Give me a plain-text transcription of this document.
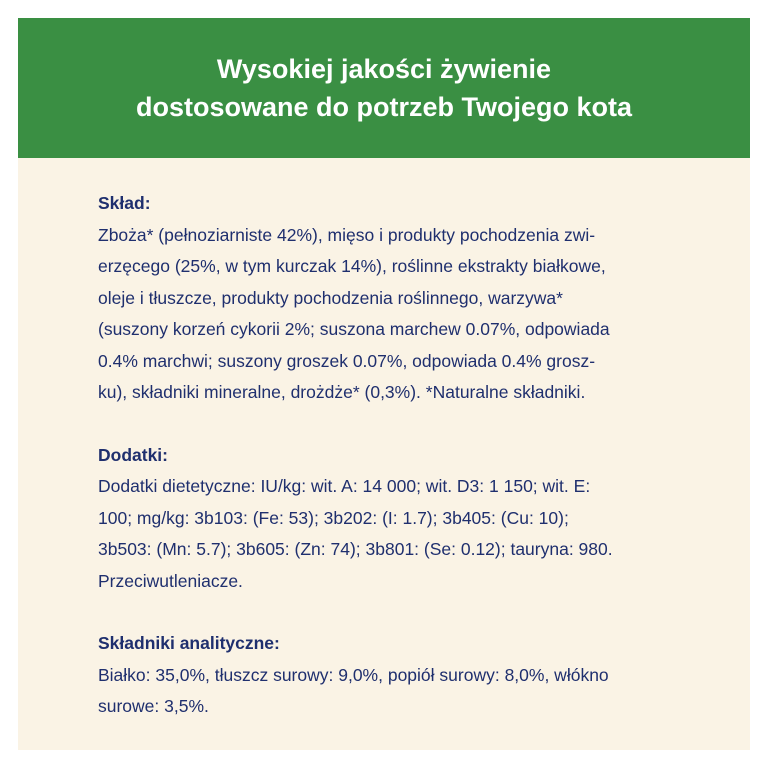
Wysokiej jakości żywienie
dostosowane do potrzeb Twojego kota
Skład:
Zboża* (pełnoziarniste 42%), mięso i produkty pochodzenia zwi-
erzęcego (25%, w tym kurczak 14%), roślinne ekstrakty białkowe,
oleje i tłuszcze, produkty pochodzenia roślinnego, warzywa*
(suszony korzeń cykorii 2%; suszona marchew 0.07%, odpowiada
0.4% marchwi; suszony groszek 0.07%, odpowiada 0.4% grosz-
ku), składniki mineralne, drożdże* (0,3%). *Naturalne składniki.
Dodatki:
Dodatki dietetyczne: IU/kg: wit. A: 14 000; wit. D3: 1 150; wit. E:
100; mg/kg: 3b103: (Fe: 53); 3b202: (I: 1.7); 3b405: (Cu: 10);
3b503: (Mn: 5.7); 3b605: (Zn: 74); 3b801: (Se: 0.12); tauryna: 980.
Przeciwutleniacze.
Składniki analityczne:
Białko: 35,0%, tłuszcz surowy: 9,0%, popiół surowy: 8,0%, włókno
surowe: 3,5%.
